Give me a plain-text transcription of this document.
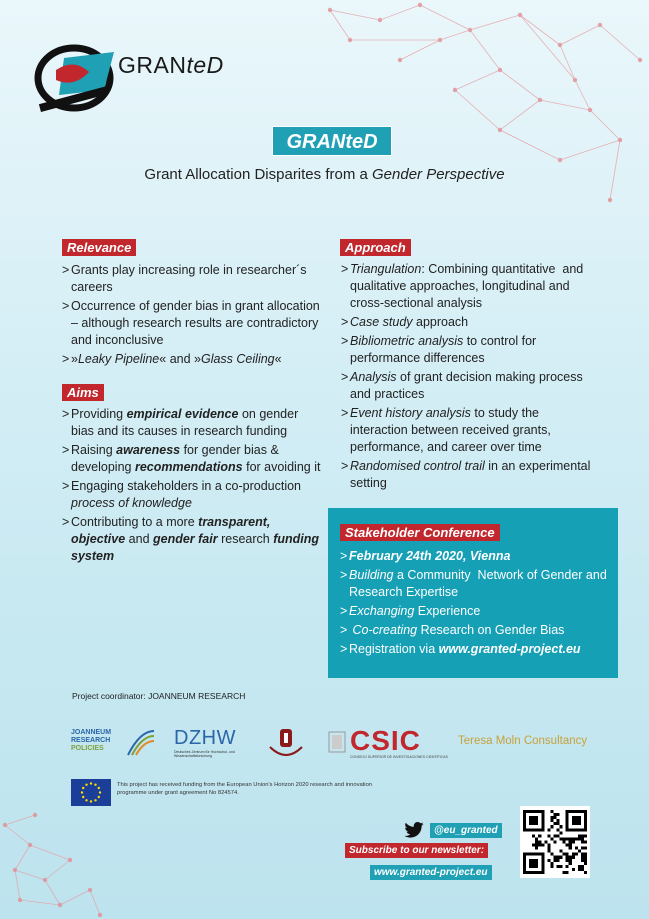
GRANteD
GRANteD
Grant Allocation Disparites from a Gender Perspective
Relevance
> Grants play increasing role in researcher´s careers
> Occurrence of gender bias in grant allocation – although research results are contradictory and inconclusive
> »Leaky Pipeline« and »Glass Ceiling«
Aims
> Providing empirical evidence on gender bias and its causes in research funding
> Raising awareness for gender bias & developing recommendations for avoiding it
> Engaging stakeholders in a co-production process of knowledge
> Contributing to a more transparent, objective and gender fair research funding system
Approach
> Triangulation: Combining quantitative  and qualitative approaches, longitudinal and cross-sectional analysis
> Case study approach
> Bibliometric analysis to control for performance differences
> Analysis of grant decision making process and practices
> Event history analysis to study the interaction between received grants, performance, and career over time
> Randomised control trail in an experimental setting
Stakeholder Conference
> February 24th 2020, Vienna
> Building a Community  Network of Gender and Research Expertise
> Exchanging Experience
> Co-creating Research on Gender Bias
> Registration via www.granted-project.eu
Project coordinator: JOANNEUM RESEARCH
JOANNEUM
RESEARCH
POLICIES	DZHW
Deutsches Zentrum für Hochschul- und Wissenschaftsforschung	CSIC
CONSEJO SUPERIOR DE INVESTIGACIONES CIENTÍFICAS
Teresa Moln Consultancy
This project has received funding from the European Union's Horizon 2020 research and innovation programme under grant agreement No 824574.
@eu_granted
Subscribe to our newsletter:
www.granted-project.eu
